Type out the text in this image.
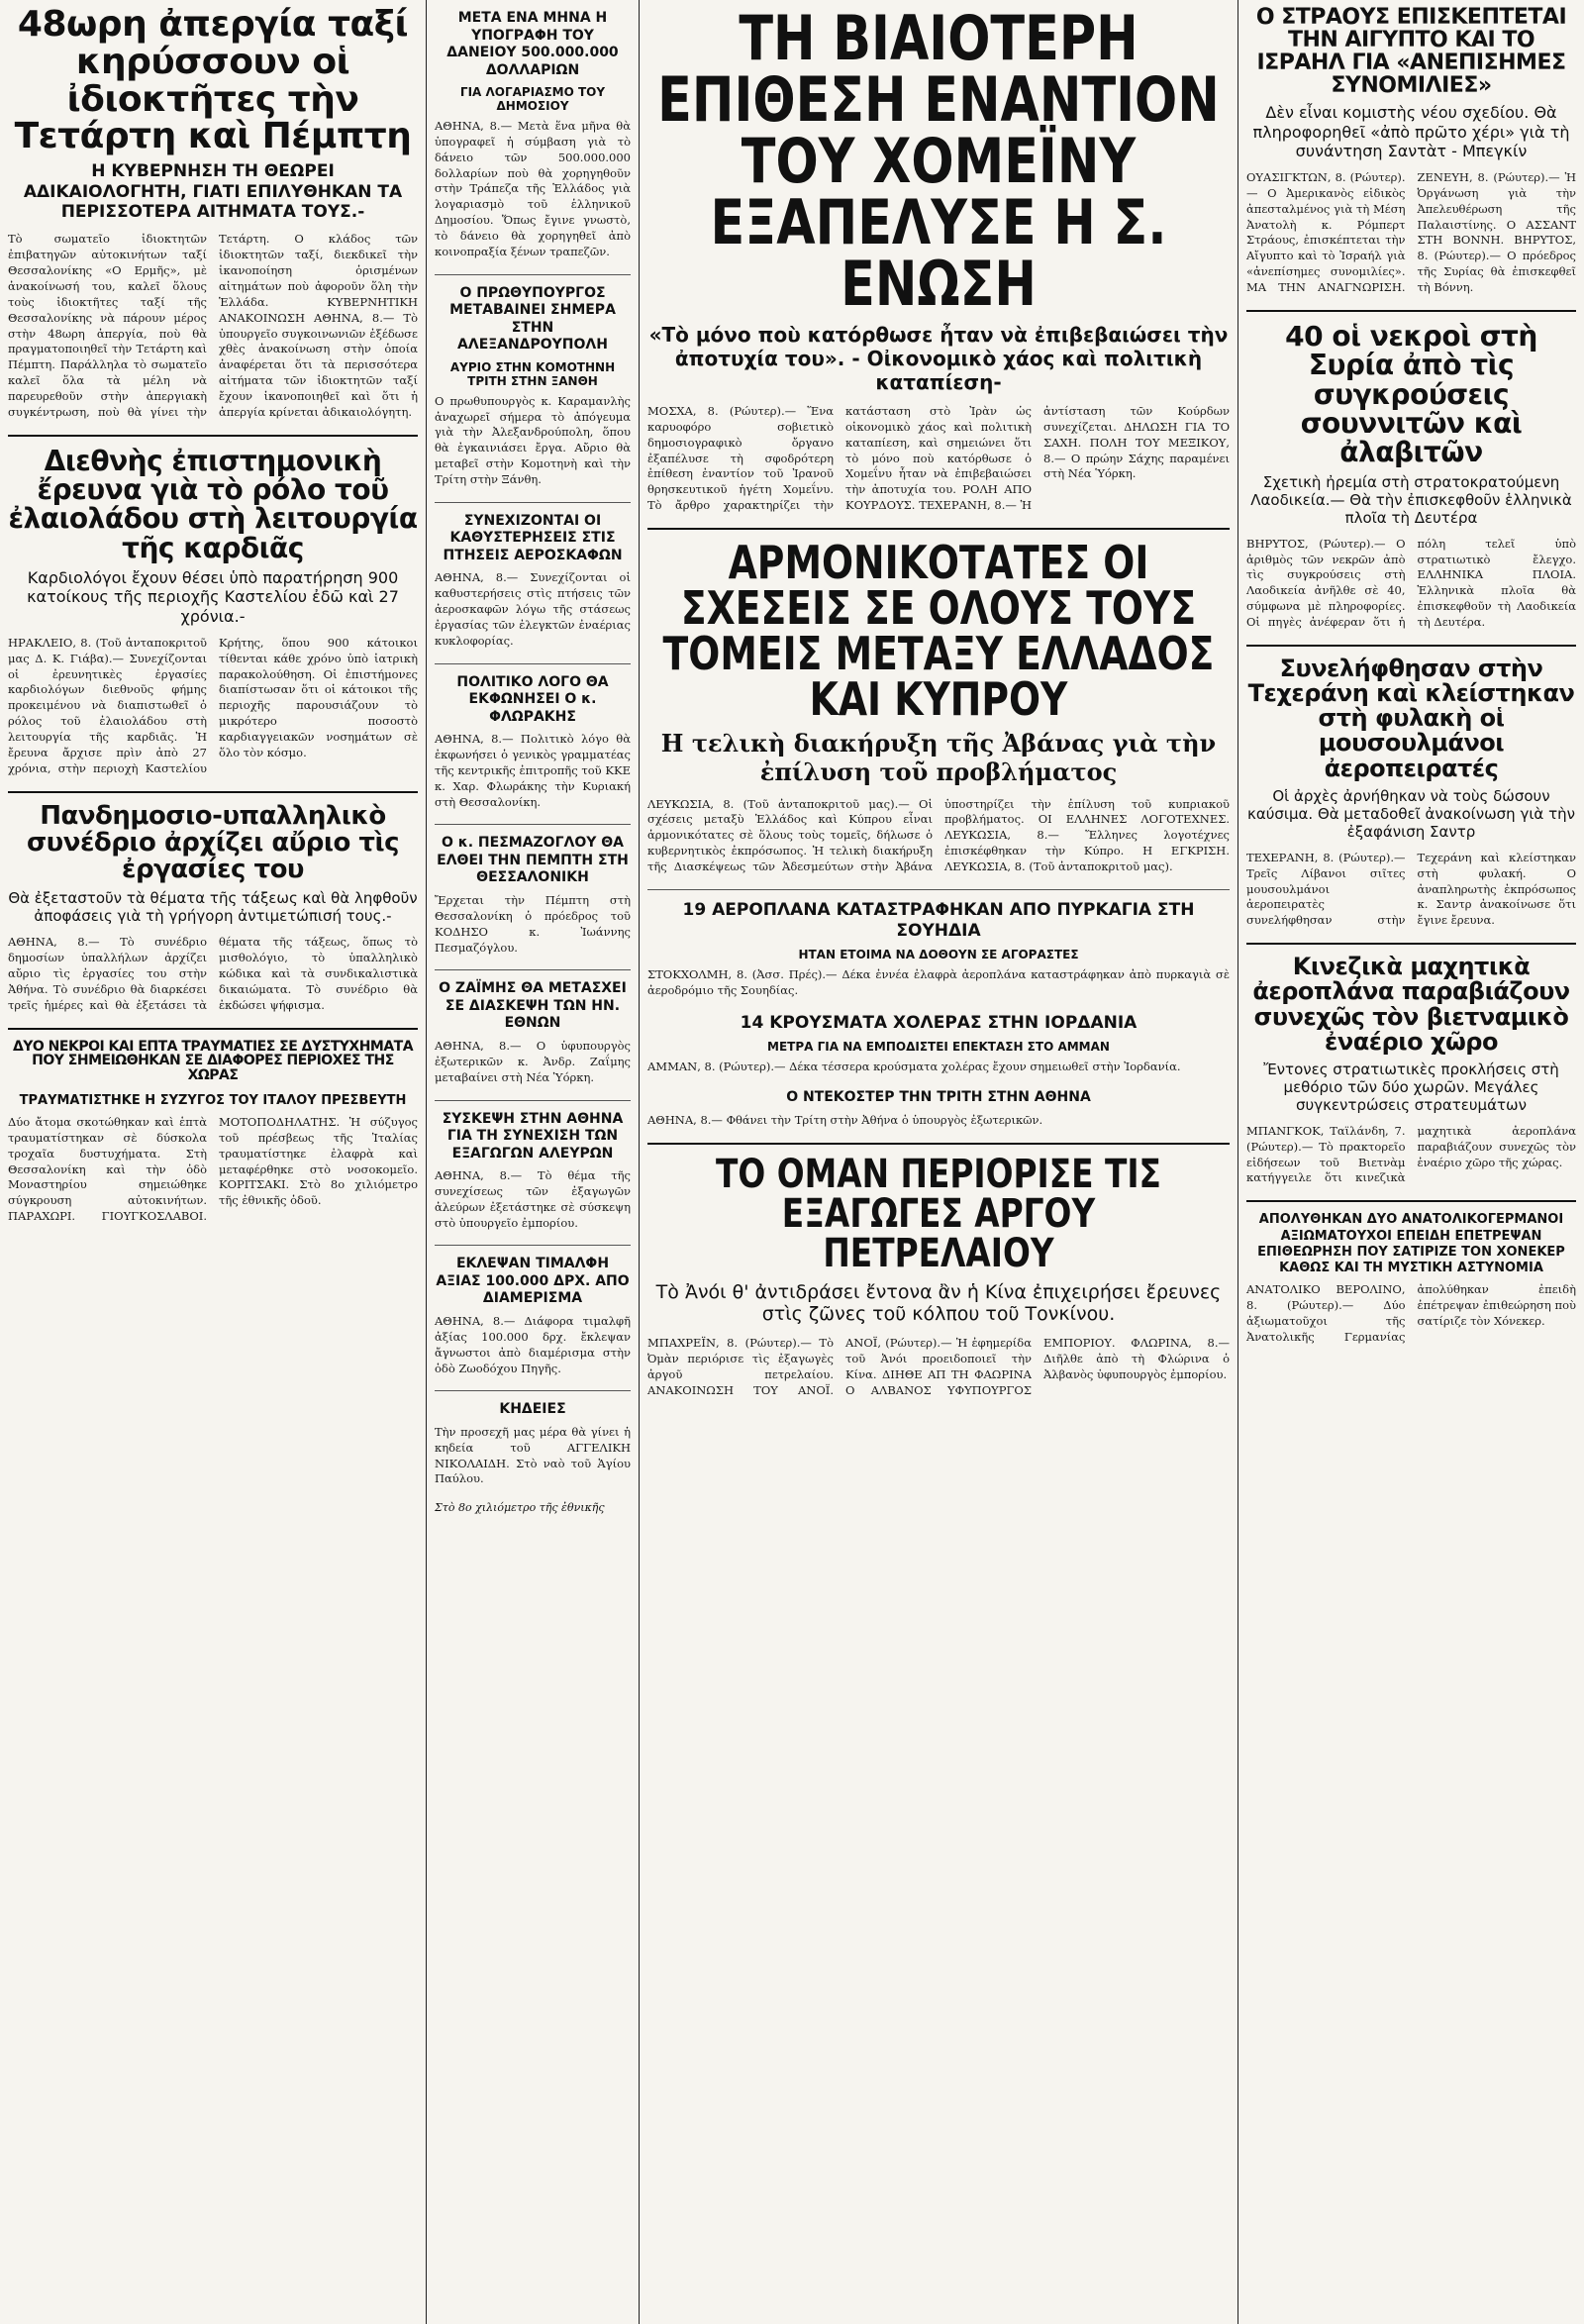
48ωρη ἀπεργία ταξί κηρύσσουν οἱ ἰδιοκτῆτες τὴν Τετάρτη καὶ Πέμπτη
Η ΚΥΒΕΡΝΗΣΗ ΤΗ ΘΕΩΡΕΙ ΑΔΙΚΑΙΟΛΟΓΗΤΗ, ΓΙΑΤΙ ΕΠΙΛΥΘΗΚΑΝ ΤΑ ΠΕΡΙΣΣΟΤΕΡΑ ΑΙΤΗΜΑΤΑ ΤΟΥΣ.-
Τὸ σωματεῖο ἰδιοκτητῶν ἐπιβατηγῶν αὐτοκινήτων ταξί Θεσσαλονίκης «Ο Ερμῆς», μὲ ἀνακοίνωσή του, καλεῖ ὅλους τοὺς ἰδιοκτῆτες ταξί τῆς Θεσσαλονίκης νὰ πάρουν μέρος στὴν 48ωρη ἀπεργία, ποὺ θὰ πραγματοποιηθεῖ τὴν Τετάρτη καὶ Πέμπτη. Παράλληλα τὸ σωματεῖο καλεῖ ὅλα τὰ μέλη νὰ παρευρεθοῦν στὴν ἀπεργιακὴ συγκέντρωση, ποὺ θὰ γίνει τὴν Τετάρτη. Ο κλάδος τῶν ἰδιοκτητῶν ταξί, διεκδικεῖ τὴν ἱκανοποίηση ὁρισμένων αἰτημάτων ποὺ ἀφοροῦν ὅλη τὴν Ἑλλάδα. ΚΥΒΕΡΝΗΤΙΚΗ ΑΝΑΚΟΙΝΩΣΗ ΑΘΗΝΑ, 8.— Τὸ ὑπουργεῖο συγκοινωνιῶν ἐξέδωσε χθὲς ἀνακοίνωση στὴν ὁποία ἀναφέρεται ὅτι τὰ περισσότερα αἰτήματα τῶν ἰδιοκτητῶν ταξί ἔχουν ἱκανοποιηθεῖ καὶ ὅτι ἡ ἀπεργία κρίνεται ἀδικαιολόγητη.
Διεθνὴς ἐπιστημονικὴ ἔρευνα γιὰ τὸ ρόλο τοῦ ἐλαιολάδου στὴ λειτουργία τῆς καρδιᾶς
Καρδιολόγοι ἔχουν θέσει ὑπὸ παρατήρηση 900 κατοίκους τῆς περιοχῆς Καστελίου ἐδῶ καὶ 27 χρόνια.-
ΗΡΑΚΛΕΙΟ, 8. (Τοῦ ἀνταποκριτοῦ μας Δ. Κ. Γιάβα).— Συνεχίζονται οἱ ἐρευνητικὲς ἐργασίες καρδιολόγων διεθνοῦς φήμης προκειμένου νὰ διαπιστωθεῖ ὁ ρόλος τοῦ ἐλαιολάδου στὴ λειτουργία τῆς καρδιᾶς. Ἡ ἔρευνα ἄρχισε πρὶν ἀπὸ 27 χρόνια, στὴν περιοχὴ Καστελίου Κρήτης, ὅπου 900 κάτοικοι τίθενται κάθε χρόνο ὑπὸ ἰατρικὴ παρακολούθηση. Οἱ ἐπιστήμονες διαπίστωσαν ὅτι οἱ κάτοικοι τῆς περιοχῆς παρουσιάζουν τὸ μικρότερο ποσοστὸ καρδιαγγειακῶν νοσημάτων σὲ ὅλο τὸν κόσμο.
Πανδημοσιο-υπαλληλικὸ συνέδριο ἀρχίζει αὔριο τὶς ἐργασίες του
Θὰ ἐξεταστοῦν τὰ θέματα τῆς τάξεως καὶ θὰ ληφθοῦν ἀποφάσεις γιὰ τὴ γρήγορη ἀντιμετώπισή τους.-
ΑΘΗΝΑ, 8.— Τὸ συνέδριο δημοσίων ὑπαλλήλων ἀρχίζει αὔριο τὶς ἐργασίες του στὴν Ἀθήνα. Τὸ συνέδριο θὰ διαρκέσει τρεῖς ἡμέρες καὶ θὰ ἐξετάσει τὰ θέματα τῆς τάξεως, ὅπως τὸ μισθολόγιο, τὸ ὑπαλληλικὸ κώδικα καὶ τὰ συνδικαλιστικὰ δικαιώματα. Τὸ συνέδριο θὰ ἐκδώσει ψήφισμα.
ΔΥΟ ΝΕΚΡΟΙ ΚΑΙ ΕΠΤΑ ΤΡΑΥΜΑΤΙΕΣ ΣΕ ΔΥΣΤΥΧΗΜΑΤΑ ΠΟΥ ΣΗΜΕΙΩΘΗΚΑΝ ΣΕ ΔΙΑΦΟΡΕΣ ΠΕΡΙΟΧΕΣ ΤΗΣ ΧΩΡΑΣ
ΤΡΑΥΜΑΤΙΣΤΗΚΕ Η ΣΥΖΥΓΟΣ ΤΟΥ ΙΤΑΛΟΥ ΠΡΕΣΒΕΥΤΗ
Δύο ἄτομα σκοτώθηκαν καὶ ἑπτὰ τραυματίστηκαν σὲ δύσκολα τροχαῖα δυστυχήματα. Στὴ Θεσσαλονίκη καὶ τὴν ὁδὸ Μοναστηρίου σημειώθηκε σύγκρουση αὐτοκινήτων. ΠΑΡΑΧΩΡΙ. ΓΙΟΥΓΚΟΣΛΑΒΟΙ. ΜΟΤΟΠΟΔΗΛΑΤΗΣ. Ἡ σύζυγος τοῦ πρέσβεως τῆς Ἰταλίας τραυματίστηκε ἐλαφρὰ καὶ μεταφέρθηκε στὸ νοσοκομεῖο. ΚΟΡΙΤΣΑΚΙ. Στὸ 8ο χιλιόμετρο τῆς ἐθνικῆς ὁδοῦ.
ΜΕΤΑ ΕΝΑ ΜΗΝΑ Η ΥΠΟΓΡΑΦΗ ΤΟΥ ΔΑΝΕΙΟΥ 500.000.000 ΔΟΛΛΑΡΙΩΝ
ΓΙΑ ΛΟΓΑΡΙΑΣΜΟ ΤΟΥ ΔΗΜΟΣΙΟΥ
ΑΘΗΝΑ, 8.— Μετὰ ἕνα μῆνα θὰ ὑπογραφεῖ ἡ σύμβαση γιὰ τὸ δάνειο τῶν 500.000.000 δολλαρίων ποὺ θὰ χορηγηθοῦν στὴν Τράπεζα τῆς Ἑλλάδος γιὰ λογαριασμὸ τοῦ ἑλληνικοῦ Δημοσίου. Ὅπως ἔγινε γνωστὸ, τὸ δάνειο θὰ χορηγηθεῖ ἀπὸ κοινοπραξία ξένων τραπεζῶν.
Ο ΠΡΩΘΥΠΟΥΡΓΟΣ ΜΕΤΑΒΑΙΝΕΙ ΣΗΜΕΡΑ ΣΤΗΝ ΑΛΕΞΑΝΔΡΟΥΠΟΛΗ
ΑΥΡΙΟ ΣΤΗΝ ΚΟΜΟΤΗΝΗ ΤΡΙΤΗ ΣΤΗΝ ΞΑΝΘΗ
Ο πρωθυπουργὸς κ. Καραμανλὴς ἀναχωρεῖ σήμερα τὸ ἀπόγευμα γιὰ τὴν Ἀλεξανδρούπολη, ὅπου θὰ ἐγκαινιάσει ἔργα. Αὔριο θὰ μεταβεῖ στὴν Κομοτηνὴ καὶ τὴν Τρίτη στὴν Ξάνθη.
ΣΥΝΕΧΙΖΟΝΤΑΙ ΟΙ ΚΑΘΥΣΤΕΡΗΣΕΙΣ ΣΤΙΣ ΠΤΗΣΕΙΣ ΑΕΡΟΣΚΑΦΩΝ
ΑΘΗΝΑ, 8.— Συνεχίζονται οἱ καθυστερήσεις στὶς πτήσεις τῶν ἀεροσκαφῶν λόγω τῆς στάσεως ἐργασίας τῶν ἐλεγκτῶν ἐναέριας κυκλοφορίας.
ΠΟΛΙΤΙΚΟ ΛΟΓΟ ΘΑ ΕΚΦΩΝΗΣΕΙ Ο κ. ΦΛΩΡΑΚΗΣ
ΑΘΗΝΑ, 8.— Πολιτικὸ λόγο θὰ ἐκφωνήσει ὁ γενικὸς γραμματέας τῆς κεντρικῆς ἐπιτροπῆς τοῦ ΚΚΕ κ. Χαρ. Φλωράκης τὴν Κυριακή στὴ Θεσσαλονίκη.
Ο κ. ΠΕΣΜΑΖΟΓΛΟΥ ΘΑ ΕΛΘΕΙ ΤΗΝ ΠΕΜΠΤΗ ΣΤΗ ΘΕΣΣΑΛΟΝΙΚΗ
Ἔρχεται τὴν Πέμπτη στὴ Θεσσαλονίκη ὁ πρόεδρος τοῦ ΚΟΔΗΣΟ κ. Ἰωάννης Πεσμαζόγλου.
Ο ΖΑΪΜΗΣ ΘΑ ΜΕΤΑΣΧΕΙ ΣΕ ΔΙΑΣΚΕΨΗ ΤΩΝ ΗΝ. ΕΘΝΩΝ
ΑΘΗΝΑ, 8.— Ο ὑφυπουργὸς ἐξωτερικῶν κ. Ἀνδρ. Ζαΐμης μεταβαίνει στὴ Νέα Ὑόρκη.
ΣΥΣΚΕΨΗ ΣΤΗΝ ΑΘΗΝΑ ΓΙΑ ΤΗ ΣΥΝΕΧΙΣΗ ΤΩΝ ΕΞΑΓΩΓΩΝ ΑΛΕΥΡΩΝ
ΑΘΗΝΑ, 8.— Τὸ θέμα τῆς συνεχίσεως τῶν ἐξαγωγῶν ἀλεύρων ἐξετάστηκε σὲ σύσκεψη στὸ ὑπουργεῖο ἐμπορίου.
ΕΚΛΕΨΑΝ ΤΙΜΑΛΦΗ ΑΞΙΑΣ 100.000 ΔΡΧ. ΑΠΟ ΔΙΑΜΕΡΙΣΜΑ
ΑΘΗΝΑ, 8.— Διάφορα τιμαλφῆ ἀξίας 100.000 δρχ. ἔκλεψαν ἄγνωστοι ἀπὸ διαμέρισμα στὴν ὁδὸ Ζωοδόχου Πηγῆς.
ΚΗΔΕΙΕΣ
Τὴν προσεχῆ μας μέρα θὰ γίνει ἡ κηδεία τοῦ ΑΓΓΕΛΙΚΗ ΝΙΚΟΛΑΙΔΗ. Στὸ ναὸ τοῦ Ἁγίου Παύλου.
Στὸ 8ο χιλιόμετρο τῆς ἐθνικῆς
ΤΗ ΒΙΑΙΟΤΕΡΗ ΕΠΙΘΕΣΗ ΕΝΑΝΤΙΟΝ ΤΟΥ ΧΟΜΕΪΝΥ ΕΞΑΠΕΛΥΣΕ Η Σ. ΕΝΩΣΗ
«Τὸ μόνο ποὺ κατόρθωσε ἦταν νὰ ἐπιβεβαιώσει τὴν ἀποτυχία του». - Οἰκονομικὸ χάος καὶ πολιτικὴ καταπίεση-
ΜΟΣΧΑ, 8. (Ρώυτερ).— Ἕνα καρυοφόρο σοβιετικὸ δημοσιογραφικὸ ὄργανο ἐξαπέλυσε τὴ σφοδρότερη ἐπίθεση ἐναντίον τοῦ Ἰρανοῦ θρησκευτικοῦ ἡγέτη Χομεΐνυ. Τὸ ἄρθρο χαρακτηρίζει τὴν κατάσταση στὸ Ἰρὰν ὡς οἰκονομικὸ χάος καὶ πολιτικὴ καταπίεση, καὶ σημειώνει ὅτι τὸ μόνο ποὺ κατόρθωσε ὁ Χομεΐνυ ἦταν νὰ ἐπιβεβαιώσει τὴν ἀποτυχία του. ΡΟΛΗ ΑΠΟ ΚΟΥΡΔΟΥΣ. ΤΕΧΕΡΑΝΗ, 8.— Ἡ ἀντίσταση τῶν Κούρδων συνεχίζεται. ΔΗΛΩΣΗ ΓΙΑ ΤΟ ΣΑΧΗ. ΠΟΛΗ ΤΟΥ ΜΕΞΙΚΟΥ, 8.— Ο πρώην Σάχης παραμένει στὴ Νέα Ὑόρκη.
ΑΡΜΟΝΙΚΟΤΑΤΕΣ ΟΙ ΣΧΕΣΕΙΣ ΣΕ ΟΛΟΥΣ ΤΟΥΣ ΤΟΜΕΙΣ ΜΕΤΑΞΥ ΕΛΛΑΔΟΣ ΚΑΙ ΚΥΠΡΟΥ
Η τελικὴ διακήρυξη τῆς Ἀβάνας γιὰ τὴν ἐπίλυση τοῦ προβλήματος
ΛΕΥΚΩΣΙΑ, 8. (Τοῦ ἀνταποκριτοῦ μας).— Οἱ σχέσεις μεταξὺ Ἑλλάδος καὶ Κύπρου εἶναι ἁρμονικότατες σὲ ὅλους τοὺς τομεῖς, δήλωσε ὁ κυβερνητικὸς ἐκπρόσωπος. Ἡ τελικὴ διακήρυξη τῆς Διασκέψεως τῶν Ἀδεσμεύτων στὴν Ἀβάνα ὑποστηρίζει τὴν ἐπίλυση τοῦ κυπριακοῦ προβλήματος. ΟΙ ΕΛΛΗΝΕΣ ΛΟΓΟΤΕΧΝΕΣ. ΛΕΥΚΩΣΙΑ, 8.— Ἕλληνες λογοτέχνες ἐπισκέφθηκαν τὴν Κύπρο. Η ΕΓΚΡΙΣΗ. ΛΕΥΚΩΣΙΑ, 8. (Τοῦ ἀνταποκριτοῦ μας).
19 ΑΕΡΟΠΛΑΝΑ ΚΑΤΑΣΤΡΑΦΗΚΑΝ ΑΠΟ ΠΥΡΚΑΓΙΑ ΣΤΗ ΣΟΥΗΔΙΑ
ΗΤΑΝ ΕΤΟΙΜΑ ΝΑ ΔΟΘΟΥΝ ΣΕ ΑΓΟΡΑΣΤΕΣ
ΣΤΟΚΧΟΛΜΗ, 8. (Ἀσσ. Πρές).— Δέκα ἐννέα ἐλαφρὰ ἀεροπλάνα καταστράφηκαν ἀπὸ πυρκαγιὰ σὲ ἀεροδρόμιο τῆς Σουηδίας.
14 ΚΡΟΥΣΜΑΤΑ ΧΟΛΕΡΑΣ ΣΤΗΝ ΙΟΡΔΑΝΙΑ
ΜΕΤΡΑ ΓΙΑ ΝΑ ΕΜΠΟΔΙΣΤΕΙ ΕΠΕΚΤΑΣΗ ΣΤΟ ΑΜΜΑΝ
ΑΜΜΑΝ, 8. (Ρώυτερ).— Δέκα τέσσερα κρούσματα χολέρας ἔχουν σημειωθεῖ στὴν Ἰορδανία.
Ο ΝΤΕΚΟΣΤΕΡ ΤΗΝ ΤΡΙΤΗ ΣΤΗΝ ΑΘΗΝΑ
ΑΘΗΝΑ, 8.— Φθάνει τὴν Τρίτη στὴν Ἀθήνα ὁ ὑπουργὸς ἐξωτερικῶν.
ΤΟ ΟΜΑΝ ΠΕΡΙΟΡΙΣΕ ΤΙΣ ΕΞΑΓΩΓΕΣ ΑΡΓΟΥ ΠΕΤΡΕΛΑΙΟΥ
Τὸ Ἀνόι θ' ἀντιδράσει ἔντονα ἂν ἡ Κίνα ἐπιχειρήσει ἔρευνες στὶς ζῶνες τοῦ κόλπου τοῦ Τονκίνου.
ΜΠΑΧΡΕΪΝ, 8. (Ρώυτερ).— Τὸ Ὀμὰν περιόρισε τὶς ἐξαγωγὲς ἀργοῦ πετρελαίου. ΑΝΑΚΟΙΝΩΣΗ ΤΟΥ ΑΝΟΪ. ΑΝΟΪ, (Ρώυτερ).— Ἡ ἐφημερίδα τοῦ Ἀνόι προειδοποιεῖ τὴν Κίνα. ΔΙΗΘΕ ΑΠ ΤΗ ΦΑΩΡΙΝΑ Ο ΑΛΒΑΝΟΣ ΥΦΥΠΟΥΡΓΟΣ ΕΜΠΟΡΙΟΥ. ΦΛΩΡΙΝΑ, 8.— Διῆλθε ἀπὸ τὴ Φλώρινα ὁ Ἀλβανὸς ὑφυπουργὸς ἐμπορίου.
Ο ΣΤΡΑΟΥΣ ΕΠΙΣΚΕΠΤΕΤΑΙ ΤΗΝ ΑΙΓΥΠΤΟ ΚΑΙ ΤΟ ΙΣΡΑΗΛ ΓΙΑ «ΑΝΕΠΙΣΗΜΕΣ ΣΥΝΟΜΙΛΙΕΣ»
Δὲν εἶναι κομιστὴς νέου σχεδίου. Θὰ πληροφορηθεῖ «ἀπὸ πρῶτο χέρι» γιὰ τὴ συνάντηση Σαντὰτ - Μπεγκίν
ΟΥΑΣΙΓΚΤΩΝ, 8. (Ρώυτερ).— Ο Ἀμερικανὸς εἰδικὸς ἀπεσταλμένος γιὰ τὴ Μέση Ἀνατολὴ κ. Ρόμπερτ Στράους, ἐπισκέπτεται τὴν Αἴγυπτο καὶ τὸ Ἰσραήλ γιὰ «ἀνεπίσημες συνομιλίες». ΜΑ ΤΗΝ ΑΝΑΓΝΩΡΙΣΗ. ΖΕΝΕΥΗ, 8. (Ρώυτερ).— Ἡ Ὀργάνωση γιὰ τὴν Ἀπελευθέρωση τῆς Παλαιστίνης. Ο ΑΣΣΑΝΤ ΣΤΗ ΒΟΝΝΗ. ΒΗΡΥΤΟΣ, 8. (Ρώυτερ).— Ο πρόεδρος τῆς Συρίας θὰ ἐπισκεφθεῖ τὴ Βόννη.
40 οἱ νεκροὶ στὴ Συρία ἀπὸ τὶς συγκρούσεις σουννιτῶν καὶ ἀλαβιτῶν
Σχετικὴ ἠρεμία στὴ στρατοκρατούμενη Λαοδικεία.— Θὰ τὴν ἐπισκεφθοῦν ἑλληνικὰ πλοῖα τὴ Δευτέρα
ΒΗΡΥΤΟΣ, (Ρώυτερ).— Ο ἀριθμὸς τῶν νεκρῶν ἀπὸ τὶς συγκρούσεις στὴ Λαοδικεία ἀνῆλθε σὲ 40, σύμφωνα μὲ πληροφορίες. Οἱ πηγὲς ἀνέφεραν ὅτι ἡ πόλη τελεῖ ὑπὸ στρατιωτικὸ ἔλεγχο. ΕΛΛΗΝΙΚΑ ΠΛΟΙΑ. Ἑλληνικὰ πλοῖα θὰ ἐπισκεφθοῦν τὴ Λαοδικεία τὴ Δευτέρα.
Συνελήφθησαν στὴν Τεχεράνη καὶ κλείστηκαν στὴ φυλακὴ οἱ μουσουλμάνοι ἀεροπειρατές
Οἱ ἀρχὲς ἀρνήθηκαν νὰ τοὺς δώσουν καύσιμα. Θὰ μεταδοθεῖ ἀνακοίνωση γιὰ τὴν ἐξαφάνιση Σαντρ
ΤΕΧΕΡΑΝΗ, 8. (Ρώυτερ).— Τρεῖς Λίβανοι σιῖτες μουσουλμάνοι ἀεροπειρατὲς συνελήφθησαν στὴν Τεχεράνη καὶ κλείστηκαν στὴ φυλακή. Ο ἀναπληρωτὴς ἐκπρόσωπος κ. Σαντρ ἀνακοίνωσε ὅτι ἔγινε ἔρευνα.
Κινεζικὰ μαχητικὰ ἀεροπλάνα παραβιάζουν συνεχῶς τὸν βιετναμικὸ ἐναέριο χῶρο
Ἔντονες στρατιωτικὲς προκλήσεις στὴ μεθόριο τῶν δύο χωρῶν. Μεγάλες συγκεντρώσεις στρατευμάτων
ΜΠΑΝΓΚΟΚ, Ταϊλάνδη, 7. (Ρώυτερ).— Τὸ πρακτορεῖο εἰδήσεων τοῦ Βιετνὰμ κατήγγειλε ὅτι κινεζικὰ μαχητικὰ ἀεροπλάνα παραβιάζουν συνεχῶς τὸν ἐναέριο χῶρο τῆς χώρας.
ΑΠΟΛΥΘΗΚΑΝ ΔΥΟ ΑΝΑΤΟΛΙΚΟΓΕΡΜΑΝΟΙ ΑΞΙΩΜΑΤΟΥΧΟΙ ΕΠΕΙΔΗ ΕΠΕΤΡΕΨΑΝ ΕΠΙΘΕΩΡΗΣΗ ΠΟΥ ΣΑΤΙΡΙΖΕ ΤΟΝ ΧΟΝΕΚΕΡ ΚΑΘΩΣ ΚΑΙ ΤΗ ΜΥΣΤΙΚΗ ΑΣΤΥΝΟΜΙΑ
ΑΝΑΤΟΛΙΚΟ ΒΕΡΟΛΙΝΟ, 8. (Ρώυτερ).— Δύο ἀξιωματοῦχοι τῆς Ἀνατολικῆς Γερμανίας ἀπολύθηκαν ἐπειδὴ ἐπέτρεψαν ἐπιθεώρηση ποὺ σατίριζε τὸν Χόνεκερ.
